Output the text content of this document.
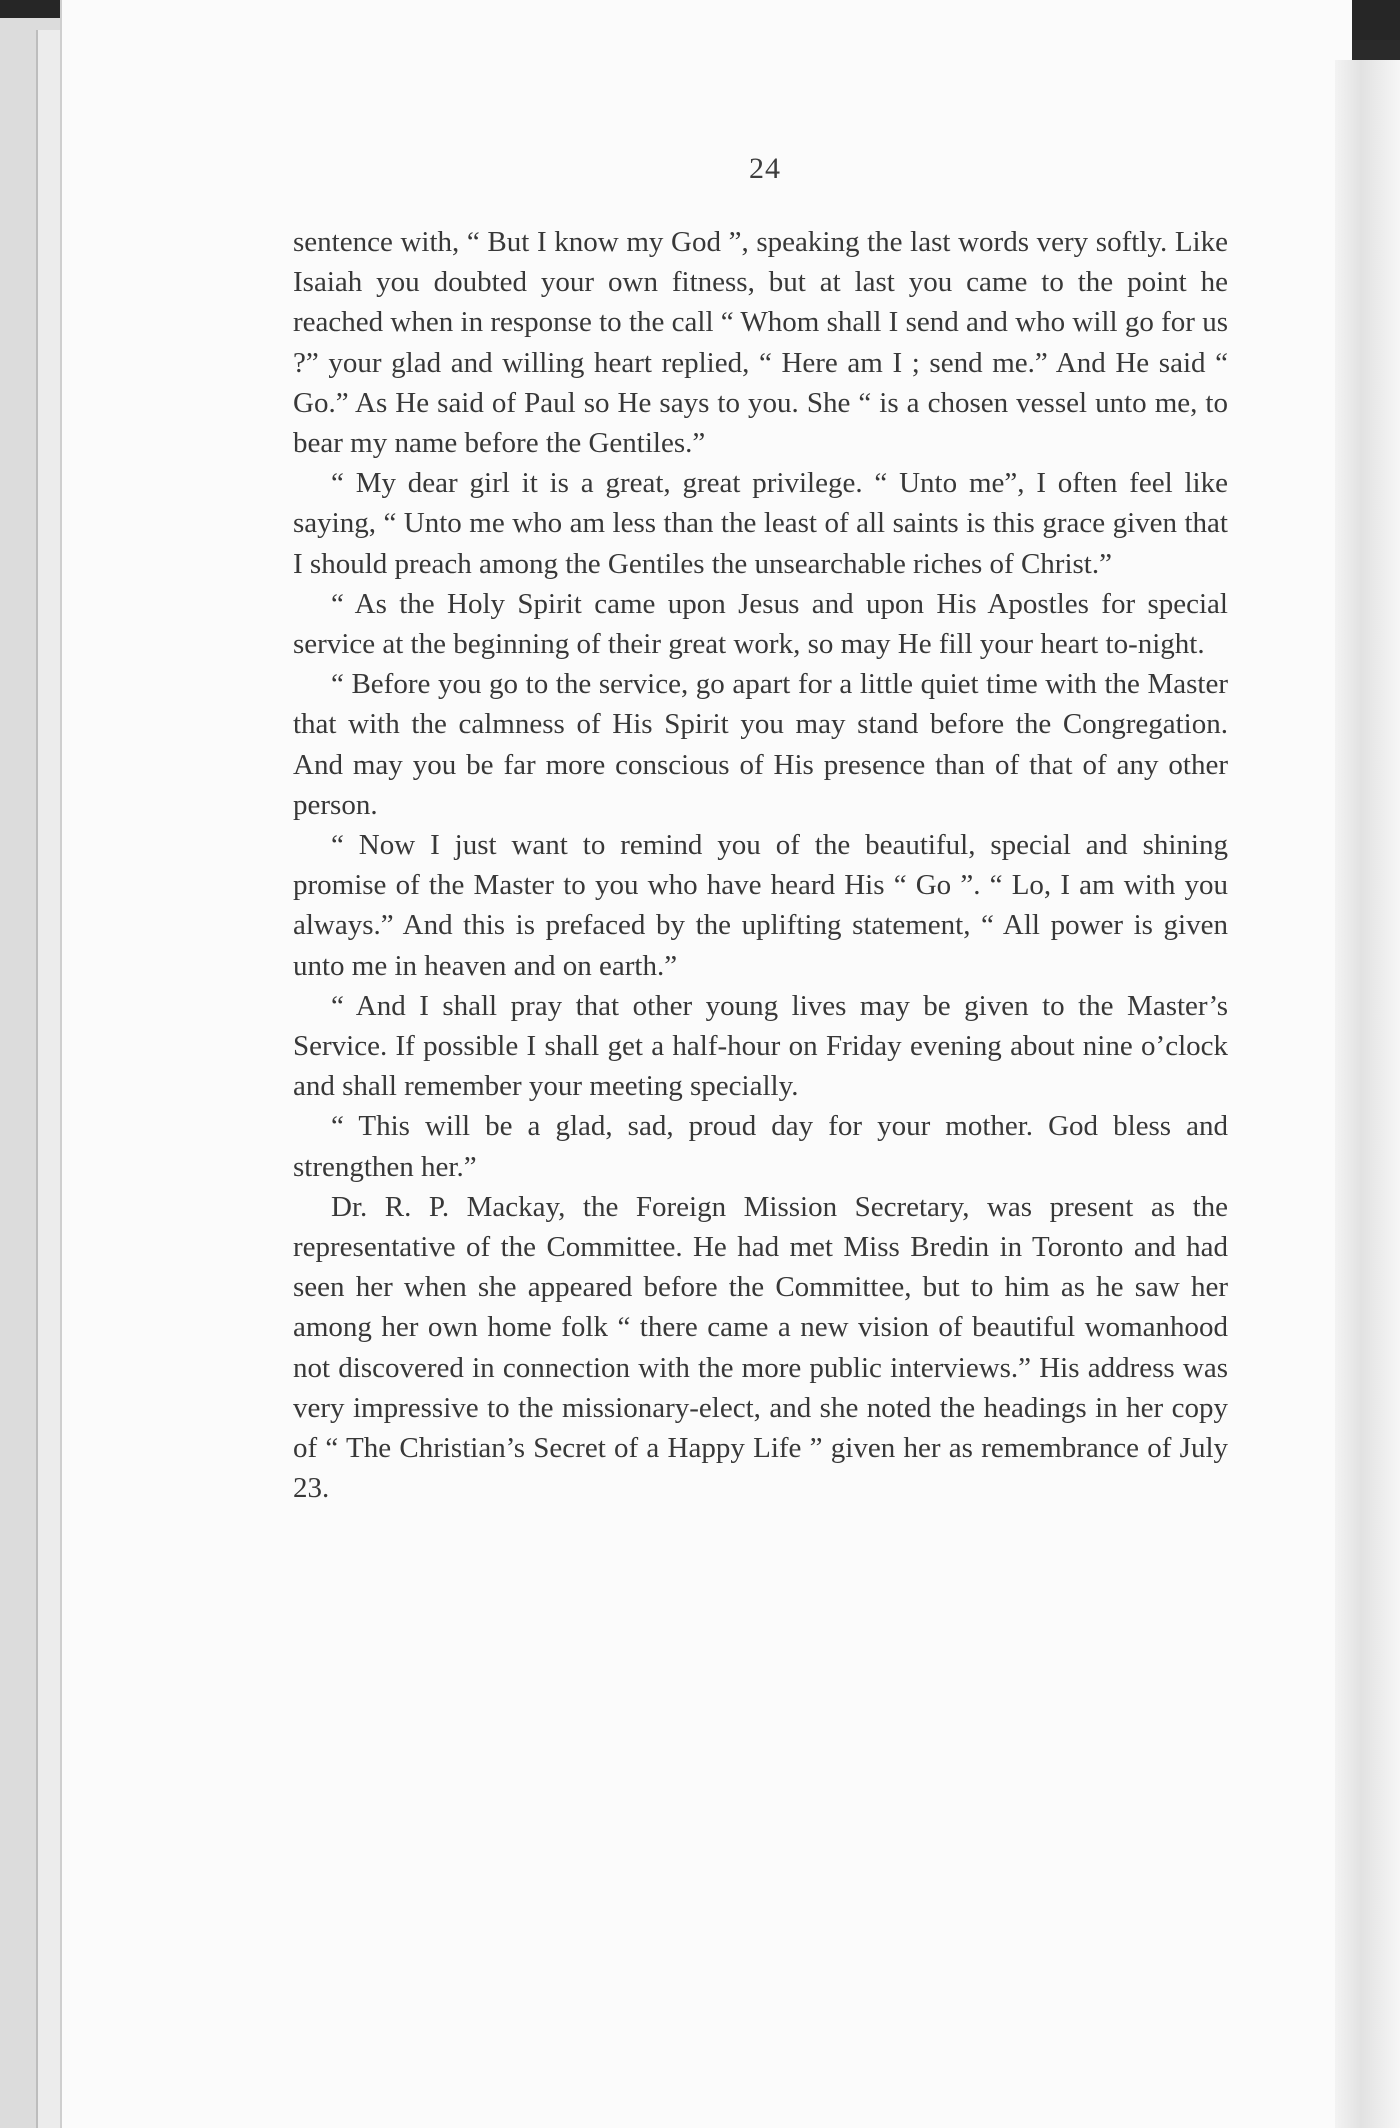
24

sentence with, “ But I know my God ”, speaking the last words very softly. Like Isaiah you doubted your own fitness, but at last you came to the point he reached when in response to the call “ Whom shall I send and who will go for us ?” your glad and willing heart replied, “ Here am I ; send me.” And He said “ Go.” As He said of Paul so He says to you. She “ is a chosen vessel unto me, to bear my name before the Gentiles.”

“ My dear girl it is a great, great privilege. “ Unto me”, I often feel like saying, “ Unto me who am less than the least of all saints is this grace given that I should preach among the Gentiles the unsearchable riches of Christ.”

“ As the Holy Spirit came upon Jesus and upon His Apostles for special service at the beginning of their great work, so may He fill your heart to-night.

“ Before you go to the service, go apart for a little quiet time with the Master that with the calmness of His Spirit you may stand before the Congregation. And may you be far more conscious of His presence than of that of any other person.

“ Now I just want to remind you of the beautiful, special and shining promise of the Master to you who have heard His “ Go ”. “ Lo, I am with you always.” And this is prefaced by the uplifting statement, “ All power is given unto me in heaven and on earth.”

“ And I shall pray that other young lives may be given to the Master’s Service. If possible I shall get a half-hour on Friday evening about nine o’clock and shall remember your meeting specially.

“ This will be a glad, sad, proud day for your mother. God bless and strengthen her.”

Dr. R. P. Mackay, the Foreign Mission Secretary, was present as the representative of the Committee. He had met Miss Bredin in Toronto and had seen her when she appeared before the Committee, but to him as he saw her among her own home folk “ there came a new vision of beautiful womanhood not discovered in connection with the more public interviews.” His address was very impressive to the missionary-elect, and she noted the headings in her copy of “ The Christian’s Secret of a Happy Life ” given her as remembrance of July 23.
